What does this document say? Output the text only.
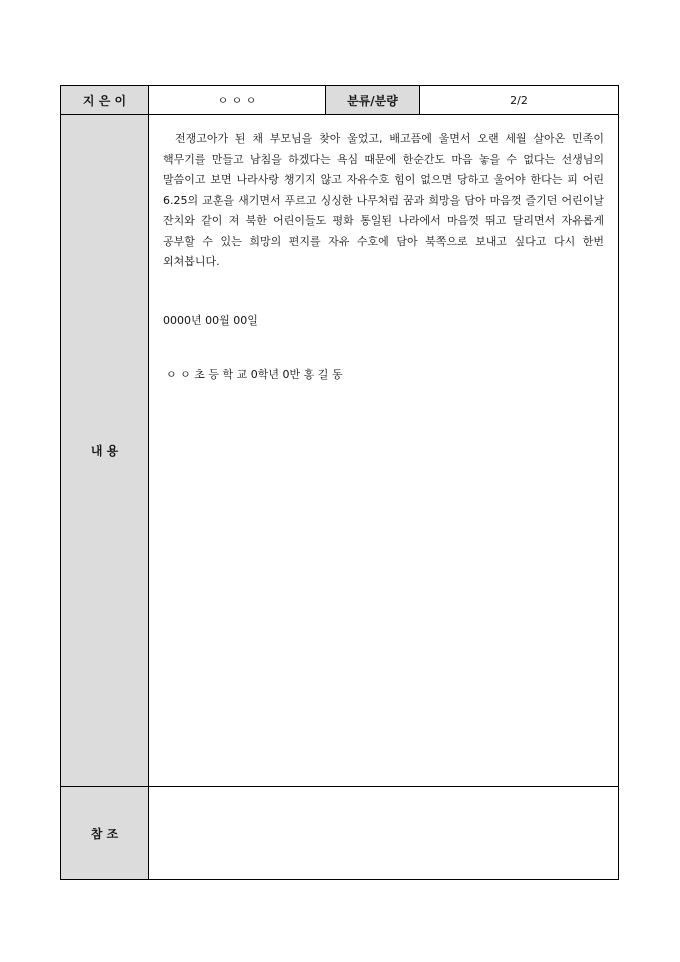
지 은 이	ㅇ ㅇ ㅇ	분류/분량	2/2
내 용	전쟁고아가 된 채 부모님을 찾아 울었고, 배고픔에 울면서 오랜 세월 살아온 민족이 핵무기를 만들고 남침을 하겠다는 욕심 때문에 한순간도 마음 놓을 수 없다는 선생님의 말씀이고 보면 나라사랑 챙기지 않고 자유수호 힘이 없으면 당하고 울어야 한다는 피 어린 6.25의 교훈을 새기면서 푸르고 싱싱한 나무처럼 꿈과 희망을 담아 마음껏 즐기던 어린이날 잔치와 같이 져 북한 어린이들도 평화 통일된 나라에서 마음껏 뛰고 달리면서 자유롭게 공부할 수 있는 희망의 편지를 자유 수호에 담아 북쪽으로 보내고 싶다고 다시 한번 외쳐봅니다.

0000년 00월 00일
ㅇ ㅇ 초 등 학 교 0학년 0반 홍 길 동		

참 조			
